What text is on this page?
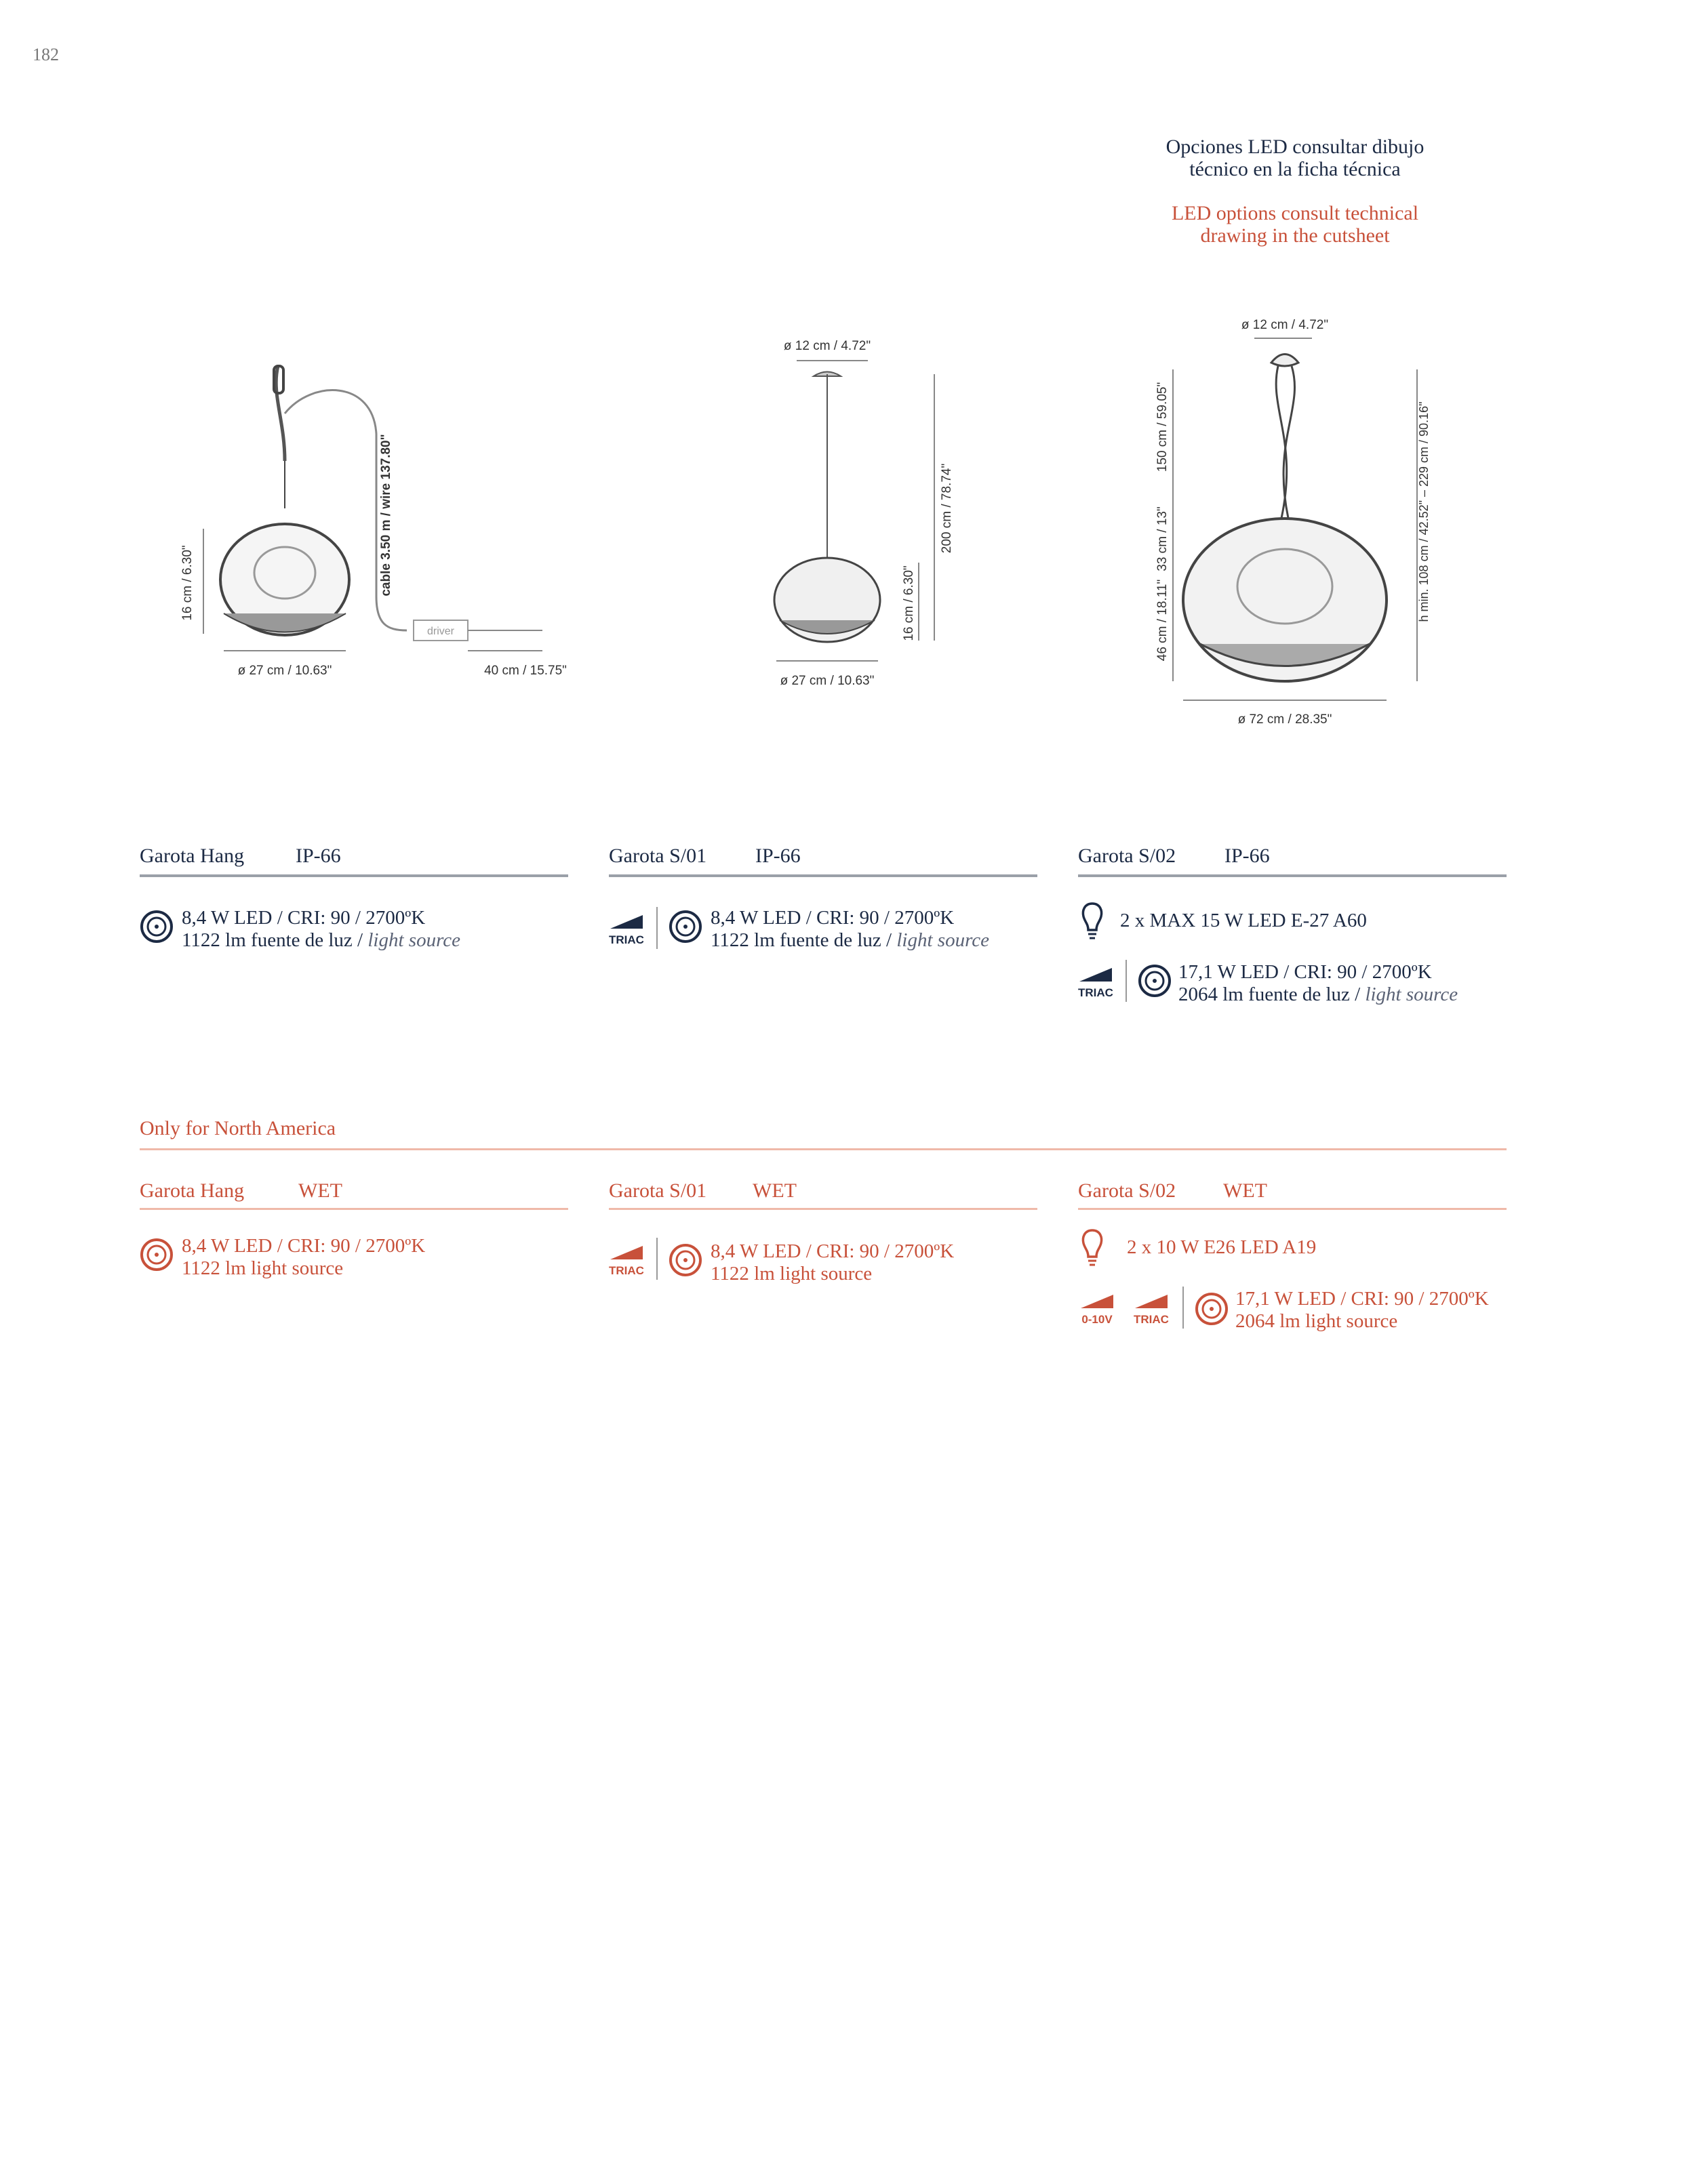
182
Opciones LED consultar dibujo
técnico en la ficha técnica
LED options consult technical
drawing in the cutsheet
driver
ø 27 cm / 10.63"	40 cm / 15.75"
16 cm / 6.30"	cable 3.50 m / wire 137.80"
ø 12 cm / 4.72"
200 cm / 78.74"
16 cm / 6.30"
ø 27 cm / 10.63"
ø 12 cm / 4.72"
150 cm / 59.05"
33 cm / 13"
46 cm / 18.11"	h min. 108 cm / 42.52" – 229 cm / 90.16"
ø 72 cm / 28.35"
Garota Hang	IP-66
8,4 W LED / CRI: 90 / 2700ºK
1122 lm fuente de luz / light source
Garota S/01 IP-66
TRIAC
8,4 W LED / CRI: 90 / 2700ºK
1122 lm fuente de luz / light source
Garota S/02 IP-66
2 x MAX 15 W LED E-27 A60
TRIAC
17,1 W LED / CRI: 90 / 2700ºK
2064 lm fuente de luz / light source
Only for North America
Garota Hang	WET
8,4 W LED / CRI: 90 / 2700ºK
1122 lm light source
Garota S/01 WET
TRIAC
8,4 W LED / CRI: 90 / 2700ºK
1122 lm light source
Garota S/02 WET
2 x 10 W E26 LED A19
0-10V TRIAC
17,1 W LED / CRI: 90 / 2700ºK
2064 lm light source
